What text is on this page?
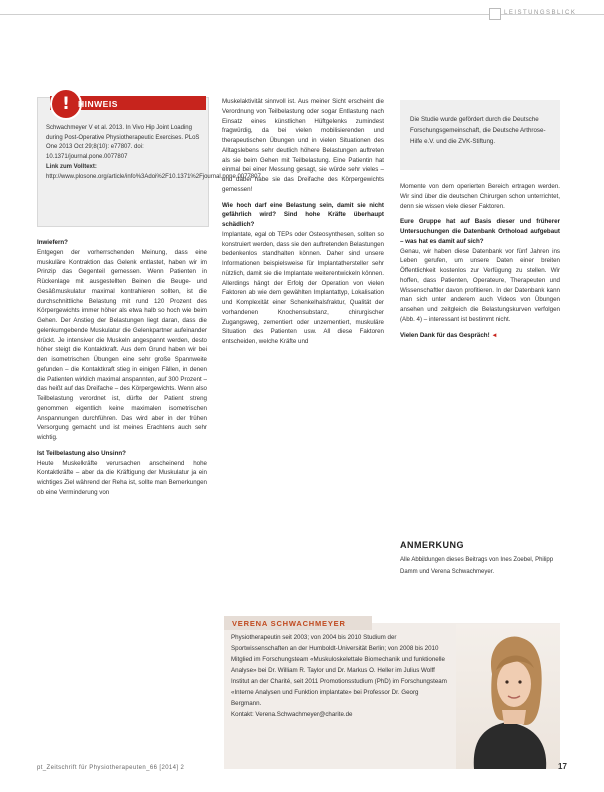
LEISTUNGSBLICK
! HINWEIS

Schwachmeyer V et al. 2013. In Vivo Hip Joint Loading during Post-Operative Physiotherapeutic Exercises. PLoS One 2013 Oct 29;8(10): e77807. doi: 10.1371/journal.pone.0077807

Link zum Volltext: http://www.plosone.org/article/info%3Adoi%2F10.1371%2Fjournal.pone.0077807

Inwiefern?

Entgegen der vorherrschenden Meinung, dass eine muskuläre Kontraktion das Gelenk entlastet, haben wir im Prinzip das Gegenteil gemessen. Wenn Patienten in Rückenlage mit ausgestellten Beinen die Beuge- und Gesäßmuskulatur maximal kontrahieren sollten, ist die durchschnittliche Belastung mit rund 120 Prozent des Körpergewichts immer höher als etwa halb so hoch wie beim Gehen. Der Anstieg der Belastungen liegt daran, dass die gelenkumgebende Muskulatur die Gelenkpartner aufeinander drückt. Je intensiver die Muskeln angespannt werden, desto höher steigt die Kontaktkraft. Aus dem Grund haben wir bei den isometrischen Übungen eine sehr große Spannweite gefunden – die Kontaktkraft stieg in einigen Fällen, in denen die Patienten wirklich maximal anspannten, auf 300 Prozent – das heißt auf das Dreifache – des Körpergewichts. Wenn also Teilbelastung verordnet ist, dürfte der Patient streng genommen eigentlich keine maximalen isometrischen Anspannungen durchführen. Das wird aber in der frühen Versorgung gemacht und ist meines Erachtens auch sehr wichtig.

Ist Teilbelastung also Unsinn?

Heute Muskelkräfte verursachen anscheinend hohe Kontaktkräfte – aber da die Kräftigung der Muskulatur ja ein wichtiges Ziel während der Reha ist, sollte man Bemerkungen ob eine Verminderung von

Muskelaktivität sinnvoll ist. Aus meiner Sicht erscheint die Verordnung von Teilbelastung oder sogar Entlastung nach Einsatz eines künstlichen Hüftgelenks zumindest fragwürdig, da bei vielen mobilisierenden und therapeutischen Übungen und in vielen Situationen des Alltagslebens sehr deutlich höhere Belastungen auftreten als sie beim Gehen mit Teilbelastung. Eine Patientin hat einmal bei einer Messung gesagt, sie würde sehr vieles – und dabei habe sie das Dreifache des Körpergewichts gemessen!

Wie hoch darf eine Belastung sein, damit sie nicht gefährlich wird? Sind hohe Kräfte überhaupt schädlich?

Implantate, egal ob TEPs oder Osteosynthesen, sollten so konstruiert werden, dass sie den auftretenden Belastungen bedenkenlos standhalten können. Daher sind unsere Informationen beispielsweise für Implantathersteller sehr nützlich, damit sie die Implantate weiterentwickeln können. Allerdings hängt der Erfolg der Operation von vielen Faktoren ab wie dem gewählten Implantattyp, Lokalisation und Komplexität einer Schenkelhalsfraktur, Qualität der vorhandenen Knochensubstanz, chirurgischer Zugangsweg, zementiert oder unzementiert, muskuläre Situation des Patienten usw. All diese Faktoren entscheiden, welche Kräfte und

Die Studie wurde gefördert durch die Deutsche Forschungsgemeinschaft, die Deutsche Arthrose-Hilfe e.V. und die ZVK-Stiftung.

Momente von dem operierten Bereich ertragen werden. Wir sind über die deutschen Chirurgen schon unterrichtet, denn sie wissen viele dieser Faktoren.

Eure Gruppe hat auf Basis dieser und früherer Untersuchungen die Datenbank Orthoload aufgebaut – was hat es damit auf sich?

Genau, wir haben diese Datenbank vor fünf Jahren ins Leben gerufen, um unsere Daten einer breiten Öffentlichkeit kostenlos zur Verfügung zu stellen. Wir hoffen, dass Patienten, Operateure, Therapeuten und Wissenschaftler davon profitieren. In der Datenbank kann man sich unter anderem auch Videos von Übungen ansehen und zeitgleich die Belastungskurven verfolgen (Abb. 4) – interessant ist bestimmt nicht.

Vielen Dank für das Gespräch! ◄

ANMERKUNG
Alle Abbildungen dieses Beitrags von Ines Zoebel, Philipp Damm und Verena Schwachmeyer.
VERENA SCHWACHMEYER
Physiotherapeutin seit 2003; von 2004 bis 2010 Studium der Sportwissenschaften an der Humboldt-Universität Berlin; von 2008 bis 2010 Mitglied im Forschungsteam «Muskuloskelettale Biomechanik und funktionelle Analyse» bei Dr. William R. Taylor und Dr. Markus O. Heller im Julius Wolff Institut an der Charité, seit 2011 Promotionsstudium (PhD) im Forschungsteam «Interne Analysen und Funktion implantate» bei Professor Dr. Georg Bergmann.
Kontakt: Verena.Schwachmeyer@charite.de
pt_Zeitschrift für Physiotherapeuten_66 [2014] 2	17
